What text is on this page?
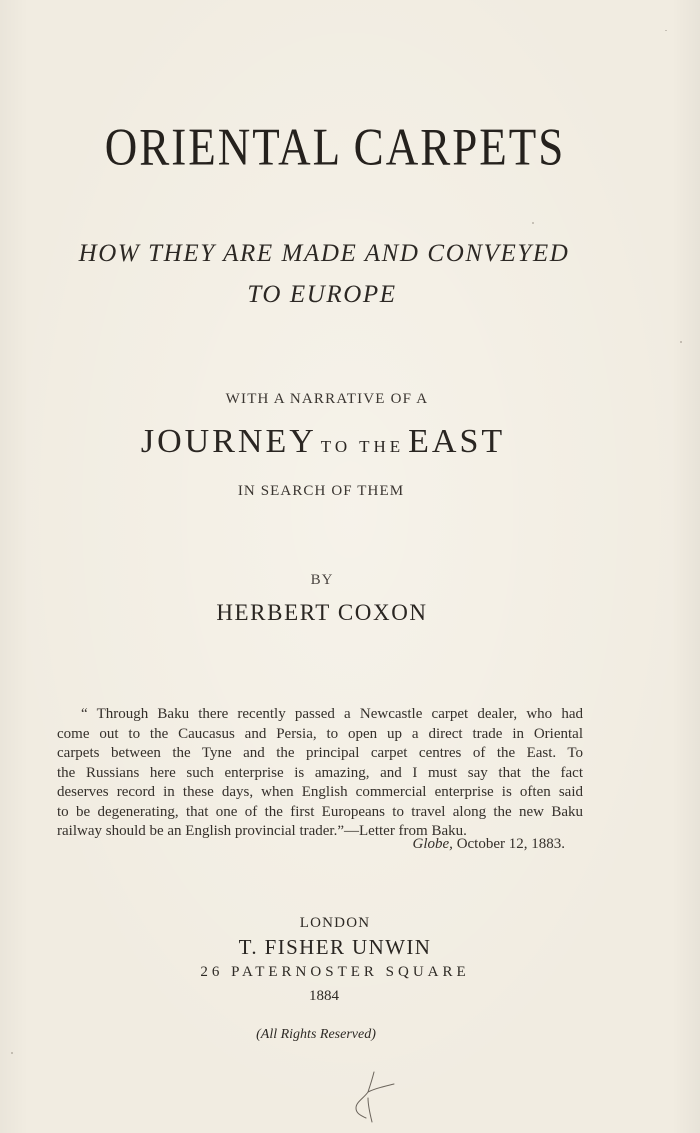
ORIENTAL CARPETS
HOW THEY ARE MADE AND CONVEYED
TO EUROPE
WITH A NARRATIVE OF A
JOURNEY TO THE EAST
IN SEARCH OF THEM
BY
HERBERT COXON
“ Through Baku there recently passed a Newcastle carpet dealer, who had
come out to the Caucasus and Persia, to open up a direct trade in Oriental
carpets between the Tyne and the principal carpet centres of the East. To
the Russians here such enterprise is amazing, and I must say that the fact
deserves record in these days, when English commercial enterprise is often said
to be degenerating, that one of the first Europeans to travel along the new Baku
railway should be an English provincial trader.”—Letter from Baku.
Globe, October 12, 1883.
LONDON
T. FISHER UNWIN
26 PATERNOSTER SQUARE
1884
(All Rights Reserved)
